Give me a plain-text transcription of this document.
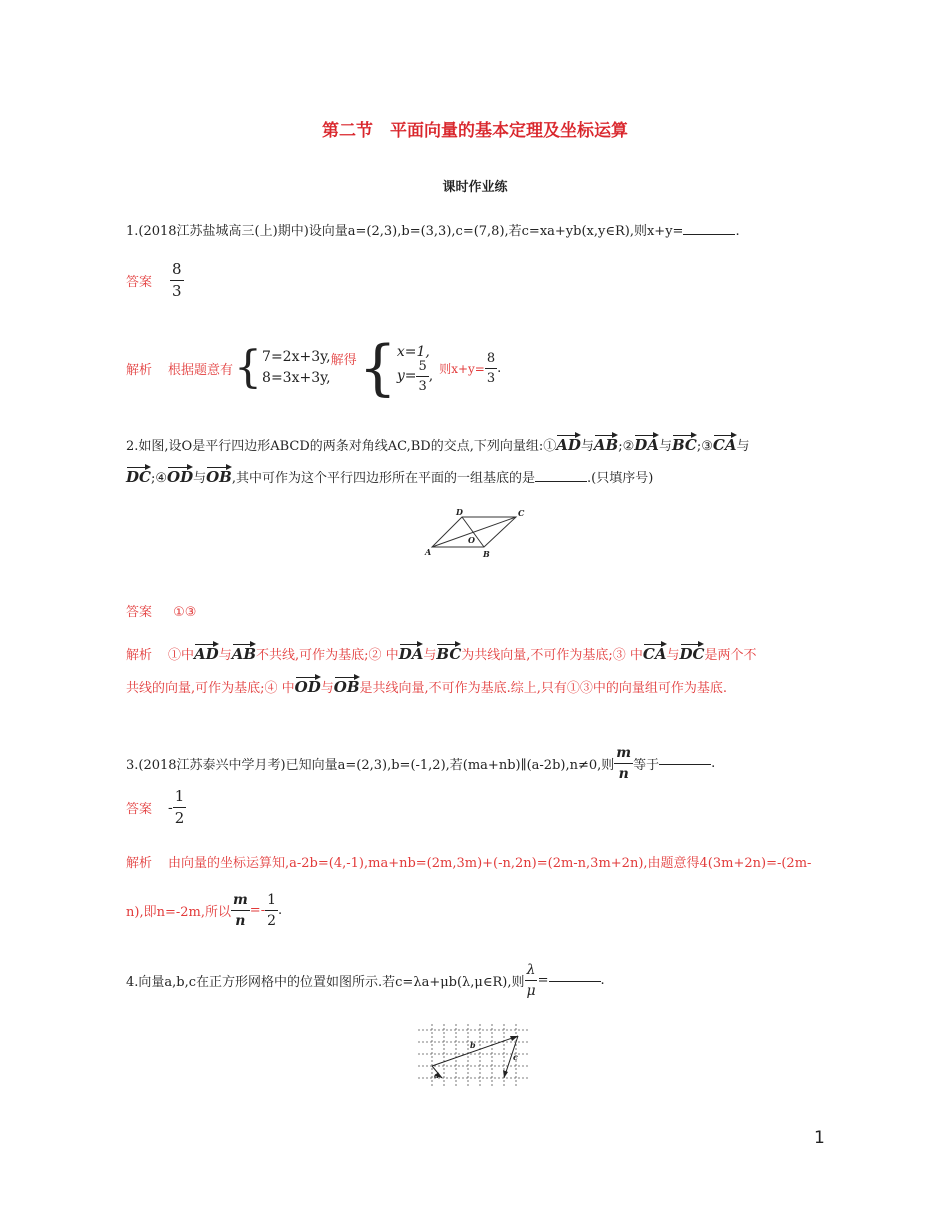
第二节　平面向量的基本定理及坐标运算
课时作业练
1.(2018江苏盐城高三(上)期中)设向量a=(2,3),b=(3,3),c=(7,8),若c=xa+yb(x,y∈R),则x+y=	.
答案 $\frac{8}{3}$
解析 根据题意有 { 7=2x+3y,
8=3x+3y,
解得 { x=1,
$y= \frac{5}{3}$ , 则$x+y= \frac{8}{3}$ .
2.如图,设O是平行四边形ABCD的两条对角线AC,BD的交点,下列向量组:①AD与AB;②DA与BC;③CA与
DC;④OD与OB,其中可作为这个平行四边形所在平面的一组基底的是	.(只填序号)
A	B
C
D
O
答案 ①③
解析 ①中AD与AB不共线,可作为基底;② 中DA与BC为共线向量,不可作为基底;③ 中CA与DC是两个不
共线的向量,可作为基底;④ 中OD与OB是共线向量,不可作为基底.综上,只有①③中的向量组可作为基底.
3.(2018江苏泰兴中学月考)已知向量a=(2,3),b=(-1,2),若(ma+nb)∥(a-2b),n≠0,则 $\frac{m}{n}$ 等于	.
答案 - $\frac{1}{2}$
解析 由向量的坐标运算知,a-2b=(4,-1),ma+nb=(2m,3m)+(-n,2n)=(2m-n,3m+2n),由题意得4(3m+2n)=-(2m-
n),即n=-2m,所以 $\frac{m}{n} =- \frac{1}{2}$ .
4.向量a,b,c在正方形网格中的位置如图所示.若c=λa+μb(λ,μ∈R),则 $\frac{\lambda}{\mu}$ =	.
a
b
c
1
